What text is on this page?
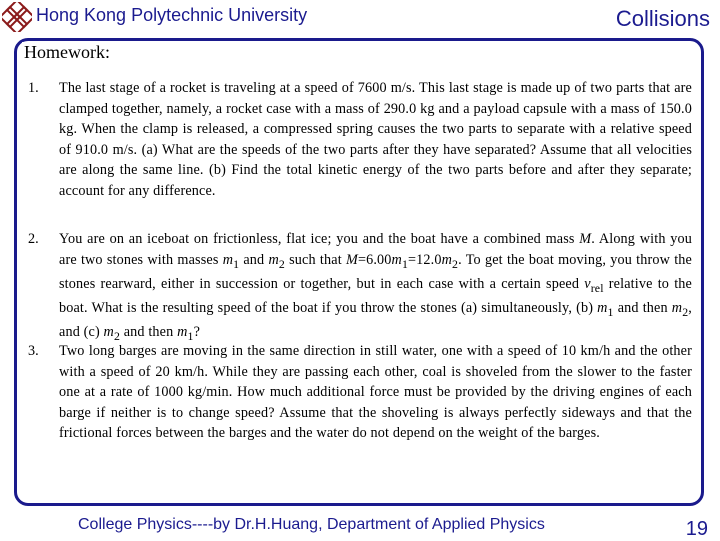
Hong Kong Polytechnic University	Collisions
Homework:
1. The last stage of a rocket is traveling at a speed of 7600 m/s. This last stage is made up of two parts that are clamped together, namely, a rocket case with a mass of 290.0 kg and a payload capsule with a mass of 150.0 kg. When the clamp is released, a compressed spring causes the two parts to separate with a relative speed of 910.0 m/s. (a) What are the speeds of the two parts after they have separated? Assume that all velocities are along the same line. (b) Find the total kinetic energy of the two parts before and after they separate; account for any difference.
2. You are on an iceboat on frictionless, flat ice; you and the boat have a combined mass M. Along with you are two stones with masses $m_1$ and $m_2$ such that $M=6.00m_1=12.0m_2$. To get the boat moving, you throw the stones rearward, either in succession or together, but in each case with a certain speed $v_{rel}$ relative to the boat. What is the resulting speed of the boat if you throw the stones (a) simultaneously, (b) $m_1$ and then $m_2$, and (c) $m_2$ and then $m_1$?
3. Two long barges are moving in the same direction in still water, one with a speed of 10 km/h and the other with a speed of 20 km/h. While they are passing each other, coal is shoveled from the slower to the faster one at a rate of 1000 kg/min. How much additional force must be provided by the driving engines of each barge if neither is to change speed? Assume that the shoveling is always perfectly sideways and that the frictional forces between the barges and the water do not depend on the weight of the barges.
College Physics----by Dr.H.Huang, Department of Applied Physics	19
